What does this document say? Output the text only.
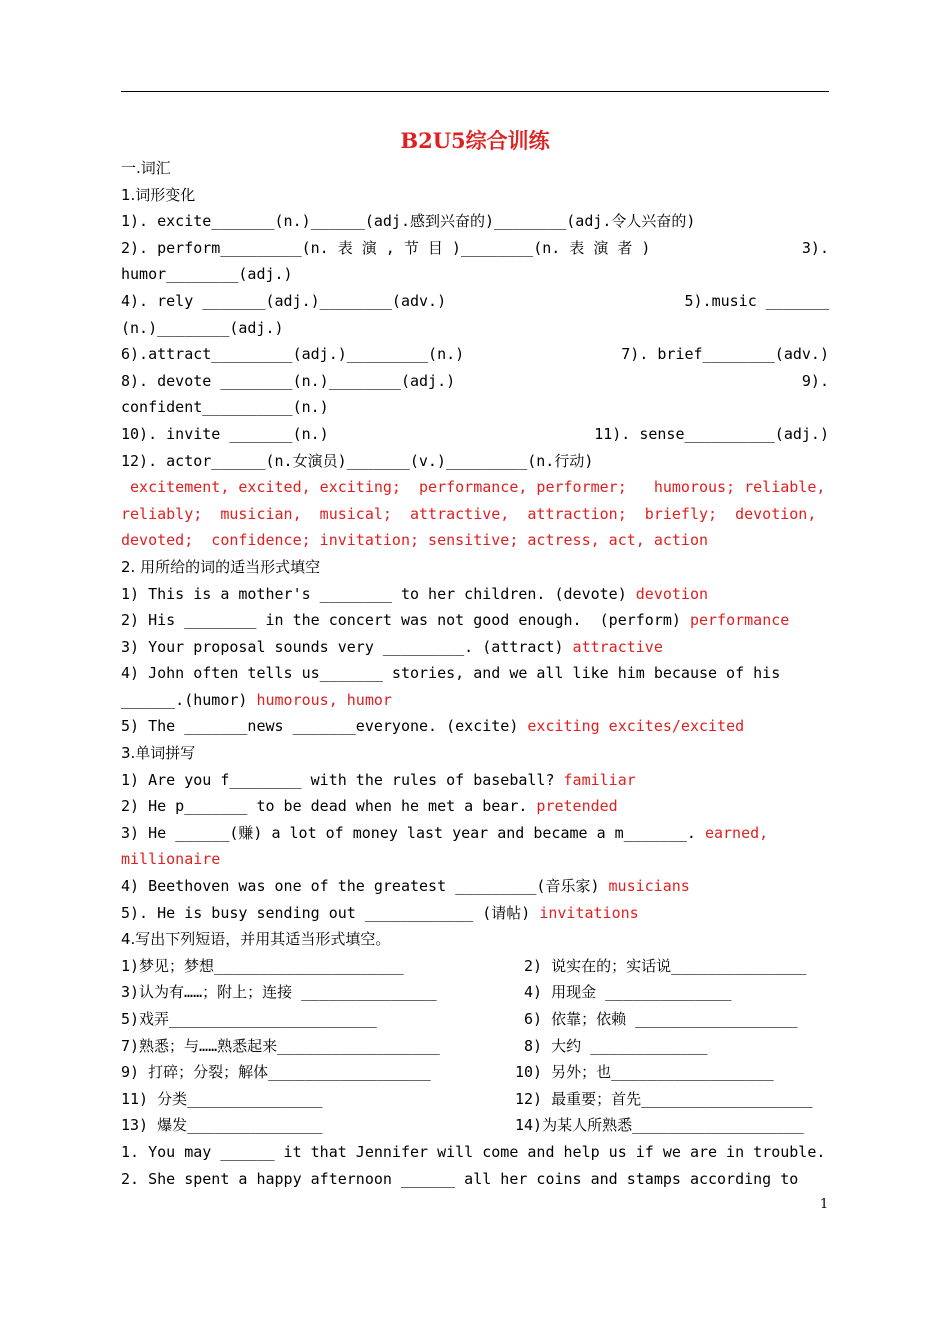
B2U5综合训练
一.词汇
1.词形变化
1). excite_______(n.)______(adj.感到兴奋的)________(adj.令人兴奋的)
2). perform_________(n. 表 演 , 节 目 )________(n. 表 演 者 )	3).
humor________(adj.)
4). rely _______(adj.)________(adv.)	5).music _______
(n.)________(adj.)
6).attract_________(adj.)_________(n.)	7). brief________(adv.)
8). devote ________(n.)________(adj.)	9).
confident__________(n.)
10). invite _______(n.)	11). sense__________(adj.)
12). actor______(n.女演员)_______(v.)_________(n.行动)
excitement, excited, exciting;  performance, performer;   humorous; reliable,
reliably;  musician,  musical;  attractive,  attraction;  briefly;  devotion,
devoted;  confidence; invitation; sensitive; actress, act, action
2. 用所给的词的适当形式填空
1) This is a mother's ________ to her children. (devote) devotion
2) His ________ in the concert was not good enough.  (perform) performance
3) Your proposal sounds very _________. (attract) attractive
4) John often tells us_______ stories, and we all like him because of his
______.(humor) humorous, humor
5) The _______news _______everyone. (excite) exciting excites/excited
3.单词拼写
1) Are you f________ with the rules of baseball? familiar
2) He p_______ to be dead when he met a bear. pretended
3) He ______(赚) a lot of money last year and became a m_______. earned,
millionaire
4) Beethoven was one of the greatest _________(音乐家) musicians
5). He is busy sending out ____________ (请帖) invitations
4.写出下列短语，并用其适当形式填空。
1)梦见；梦想_____________________	2) 说实在的；实话说_______________
3)认为有……；附上；连接 _______________	4) 用现金 ______________
5)戏弄_______________________	6) 依靠；依赖 __________________
7)熟悉；与……熟悉起来__________________	8) 大约 _____________
9) 打碎；分裂；解体__________________	10) 另外；也__________________
11) 分类_______________	12) 最重要；首先___________________
13) 爆发_______________	14)为某人所熟悉___________________
1. You may ______ it that Jennifer will come and help us if we are in trouble.
2. She spent a happy afternoon ______ all her coins and stamps according to
1
